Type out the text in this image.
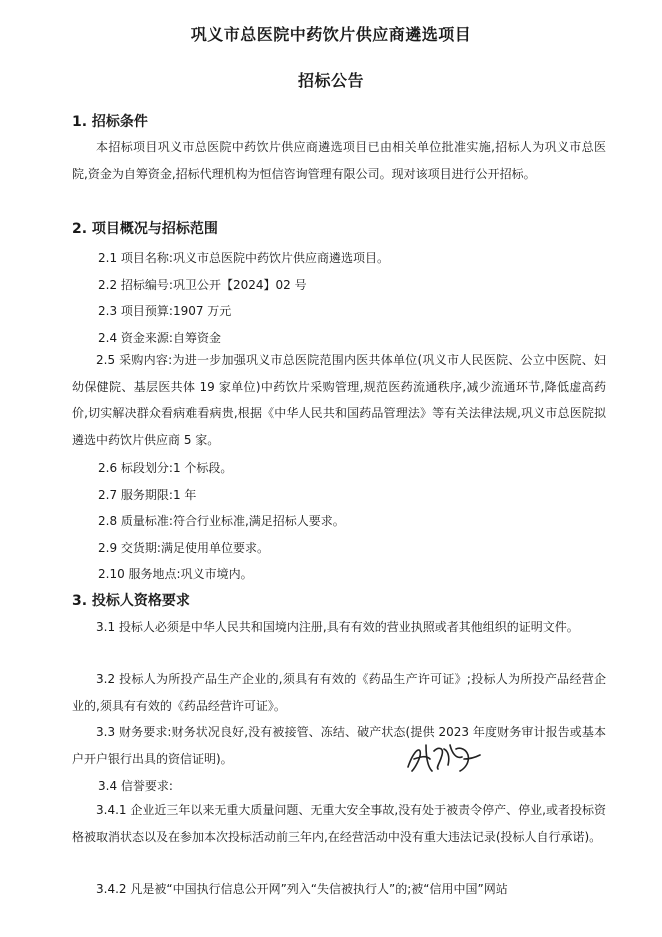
巩义市总医院中药饮片供应商遴选项目
招标公告
1. 招标条件

本招标项目巩义市总医院中药饮片供应商遴选项目已由相关单位批准实施,招标人为巩义市总医院,资金为自筹资金,招标代理机构为恒信咨询管理有限公司。现对该项目进行公开招标。

2. 项目概况与招标范围

2.1 项目名称:巩义市总医院中药饮片供应商遴选项目。

2.2 招标编号:巩卫公开【2024】02 号

2.3 项目预算:1907 万元

2.4 资金来源:自筹资金

2.5 采购内容:为进一步加强巩义市总医院范围内医共体单位(巩义市人民医院、公立中医院、妇幼保健院、基层医共体 19 家单位)中药饮片采购管理,规范医药流通秩序,减少流通环节,降低虚高药价,切实解决群众看病难看病贵,根据《中华人民共和国药品管理法》等有关法律法规,巩义市总医院拟遴选中药饮片供应商 5 家。

2.6 标段划分:1 个标段。

2.7 服务期限:1 年

2.8 质量标准:符合行业标准,满足招标人要求。

2.9 交货期:满足使用单位要求。

2.10 服务地点:巩义市境内。

3. 投标人资格要求

3.1 投标人必须是中华人民共和国境内注册,具有有效的营业执照或者其他组织的证明文件。

3.2 投标人为所投产品生产企业的,须具有有效的《药品生产许可证》;投标人为所投产品经营企业的,须具有有效的《药品经营许可证》。

3.3 财务要求:财务状况良好,没有被接管、冻结、破产状态(提供 2023 年度财务审计报告或基本户开户银行出具的资信证明)。

3.4 信誉要求:

3.4.1 企业近三年以来无重大质量问题、无重大安全事故,没有处于被责令停产、停业,或者投标资格被取消状态以及在参加本次投标活动前三年内,在经营活动中没有重大违法记录(投标人自行承诺)。

3.4.2 凡是被“中国执行信息公开网”列入“失信被执行人”的;被“信用中国”网站
